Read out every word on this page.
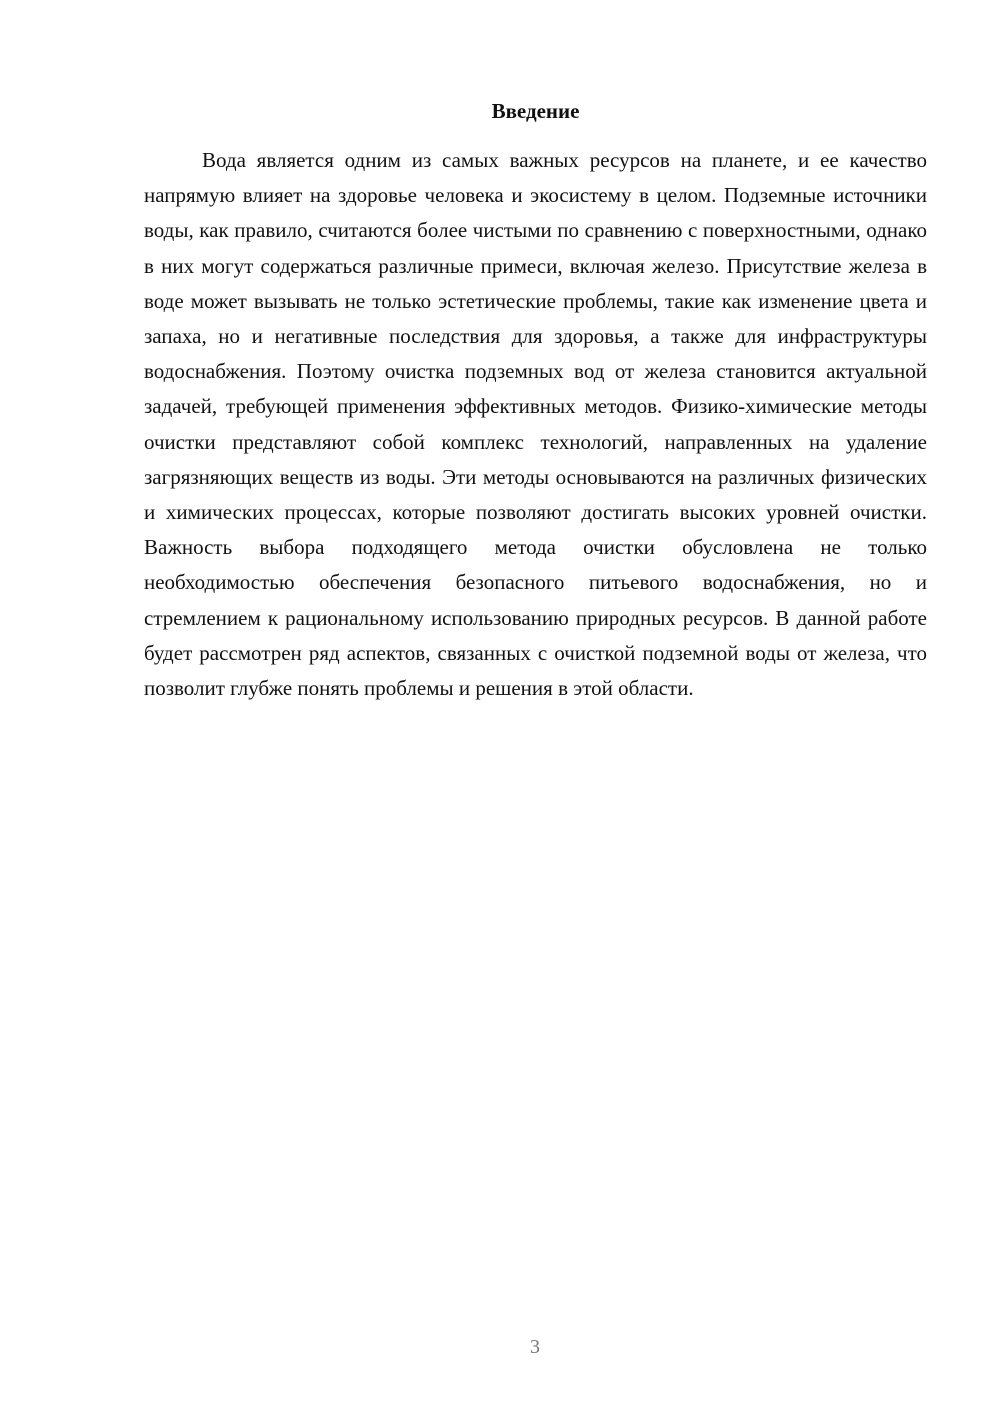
Введение

Вода является одним из самых важных ресурсов на планете, и ее качество напрямую влияет на здоровье человека и экосистему в целом. Подземные источники воды, как правило, считаются более чистыми по сравнению с поверхностными, однако в них могут содержаться различные примеси, включая железо. Присутствие железа в воде может вызывать не только эстетические проблемы, такие как изменение цвета и запаха, но и негативные последствия для здоровья, а также для инфраструктуры водоснабжения. Поэтому очистка подземных вод от железа становится актуальной задачей, требующей применения эффективных методов. Физико-химические методы очистки представляют собой комплекс технологий, направленных на удаление загрязняющих веществ из воды. Эти методы основываются на различных физических и химических процессах, которые позволяют достигать высоких уровней очистки. Важность выбора подходящего метода очистки обусловлена не только необходимостью обеспечения безопасного питьевого водоснабжения, но и стремлением к рациональному использованию природных ресурсов. В данной работе будет рассмотрен ряд аспектов, связанных с очисткой подземной воды от железа, что позволит глубже понять проблемы и решения в этой области.

3
